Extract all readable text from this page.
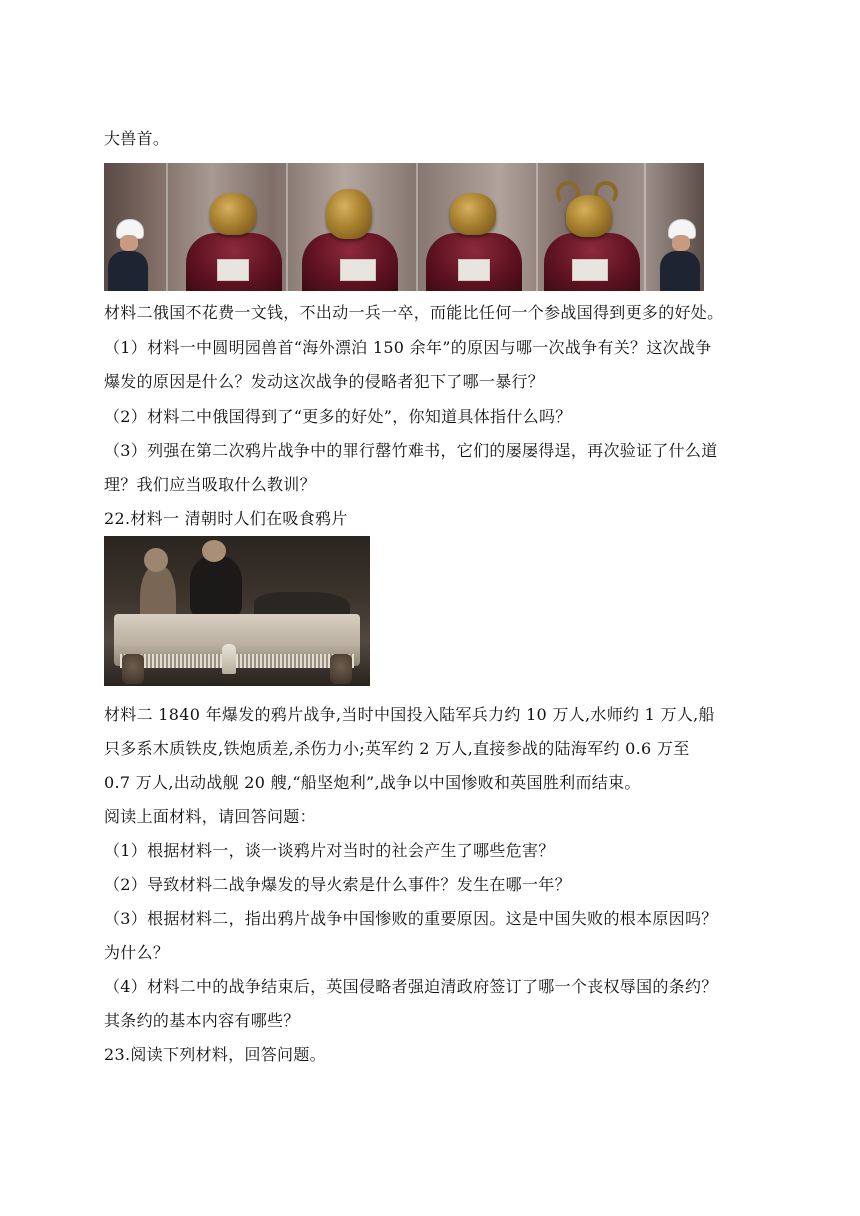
大兽首。
材料二俄国不花费一文钱，不出动一兵一卒，而能比任何一个参战国得到更多的好处。
（1）材料一中圆明园兽首“海外漂泊 150 余年”的原因与哪一次战争有关？这次战争
爆发的原因是什么？发动这次战争的侵略者犯下了哪一暴行？
（2）材料二中俄国得到了“更多的好处”，你知道具体指什么吗？
（3）列强在第二次鸦片战争中的罪行罄竹难书，它们的屡屡得逞，再次验证了什么道
理？我们应当吸取什么教训？
22.材料一 清朝时人们在吸食鸦片
材料二 1840 年爆发的鸦片战争,当时中国投入陆军兵力约 10 万人,水师约 1 万人,船
只多系木质铁皮,铁炮质差,杀伤力小;英军约 2 万人,直接参战的陆海军约 0.6 万至
0.7 万人,出动战舰 20 艘,“船坚炮利”,战争以中国惨败和英国胜利而结束。
阅读上面材料，请回答问题：
（1）根据材料一，谈一谈鸦片对当时的社会产生了哪些危害？
（2）导致材料二战争爆发的导火索是什么事件？发生在哪一年？
（3）根据材料二，指出鸦片战争中国惨败的重要原因。这是中国失败的根本原因吗？
为什么？
（4）材料二中的战争结束后，英国侵略者强迫清政府签订了哪一个丧权辱国的条约？
其条约的基本内容有哪些？
23.阅读下列材料，回答问题。
